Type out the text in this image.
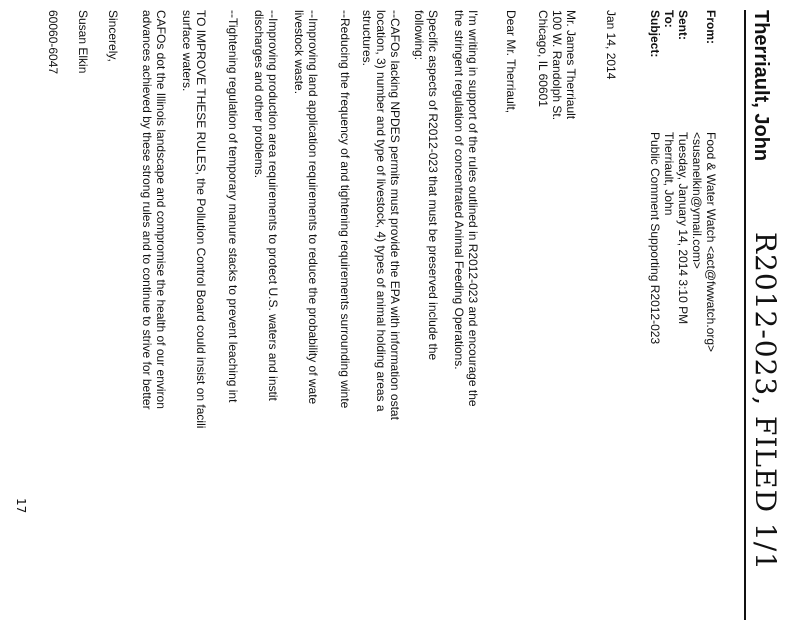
R2012-023, FILED 1/1
Therriault, John
From:
Food & Water Watch <act@fwwatch.org>
<susanelkin@ymail.com>
Sent:
Tuesday, January 14, 2014 3:10 PM
To:
Therriault, John
Subject:
Public Comment Supporting R2012-023
Jan 14, 2014
Mr. James Therriault
100 W. Randolph St.
Chicago, IL 60601
Dear Mr. Therriault,
I'm writing in support of the rules outlined in R2012-023 and encourage the
the stringent regulation of concentrated Animal Feeding Operations.
Specific aspects of R2012-023 that must be preserved include the
following:
--CAFOs lacking NPDES permits must provide the EPA with information ostat
location, 3) number and type of livestock, 4) types of animal holding areas a
structures.
--Reducing the frequency of and tightening requirements surrounding winte
--Improving land application requirements to reduce the probability of wate
livestock waste.
--Improving production area requirements to protect U.S. waters and instit
discharges and other problems.
--Tightening regulation of temporary manure stacks to prevent leaching int
TO IMPROVE THESE RULES, the Pollution Control Board could insist on facili
surface waters.
CAFOs dot the Illinois landscape and compromise the health of our environ
advances achieved by these strong rules and to continue to strive for better
Sincerely,
Susan Elkin
60060-6047
17
